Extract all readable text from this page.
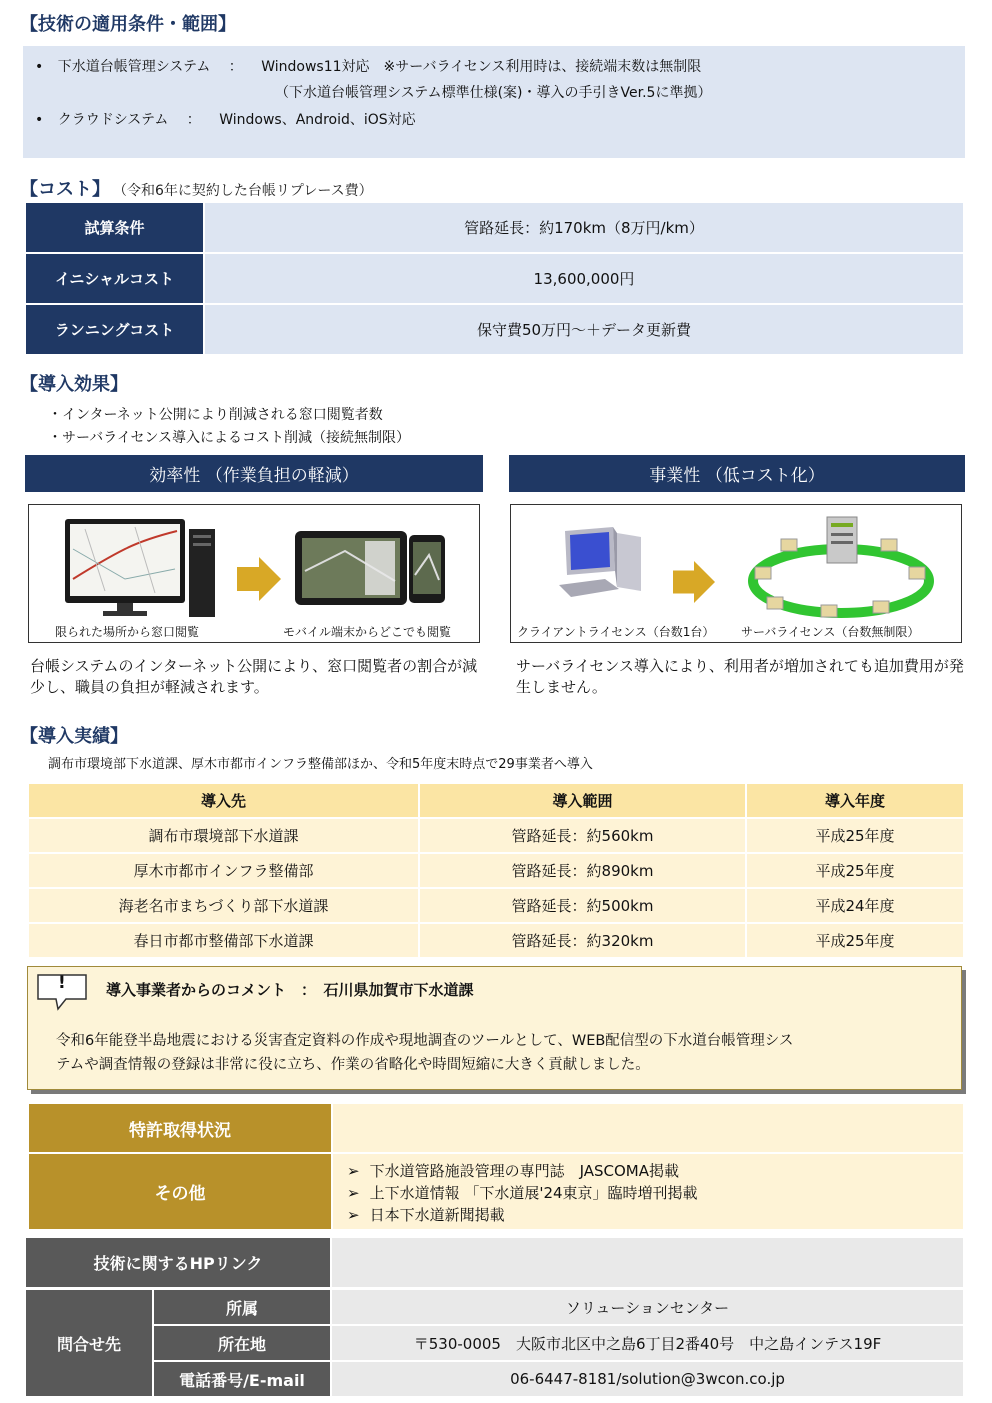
【技術の適用条件・範囲】
• 下水道台帳管理システム ： Windows11対応　※サーバライセンス利用時は、接続端末数は無制限
（下水道台帳管理システム標準仕様(案)・導入の手引きVer.5に準拠）
• クラウドシステム ： Windows、Android、iOS対応
【コスト】 （令和6年に契約した台帳リプレース費）
試算条件	管路延長：約170km（8万円/km）
イニシャルコスト	13,600,000円
ランニングコスト	保守費50万円～＋データ更新費
【導入効果】
・インターネット公開により削減される窓口閲覧者数
・サーバライセンス導入によるコスト削減（接続無制限）
効率性 （作業負担の軽減）
限られた場所から窓口閲覧	モバイル端末からどこでも閲覧
台帳システムのインターネット公開により、窓口閲覧者の割合が減少し、職員の負担が軽減されます。
事業性 （低コスト化）
クライアントライセンス（台数1台） サーバライセンス（台数無制限）
サーバライセンス導入により、利用者が増加されても追加費用が発生しません。
【導入実績】
調布市環境部下水道課、厚木市都市インフラ整備部ほか、令和5年度末時点で29事業者へ導入
導入先	導入範囲	導入年度
調布市環境部下水道課	管路延長：約560km	平成25年度
厚木市都市インフラ整備部	管路延長：約890km	平成25年度
海老名市まちづくり部下水道課	管路延長：約500km	平成24年度
春日市都市整備部下水道課	管路延長：約320km	平成25年度
!	導入事業者からのコメント　：　石川県加賀市下水道課
令和6年能登半島地震における災害査定資料の作成や現地調査のツールとして、WEB配信型の下水道台帳管理シス
テムや調査情報の登録は非常に役に立ち、作業の省略化や時間短縮に大きく貢献しました。
特許取得状況
その他
➢ 下水道管路施設管理の専門誌　JASCOMA掲載
➢ 上下水道情報 「下水道展'24東京」臨時増刊掲載
➢ 日本下水道新聞掲載
技術に関するHPリンク
問合せ先
所属	ソリューションセンター
所在地	〒530-0005　大阪市北区中之島6丁目2番40号　中之島インテス19F
電話番号/E-mail	06-6447-8181/solution@3wcon.co.jp
